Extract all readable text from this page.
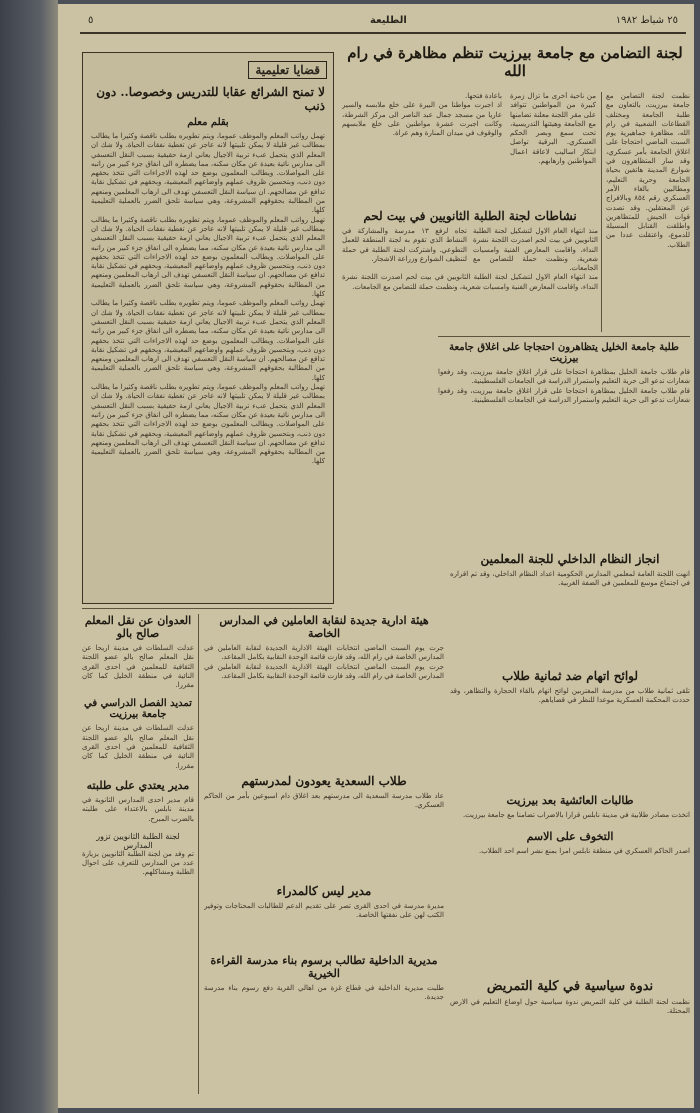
٥	الطليعة	٢٥ شباط ١٩٨٢
قضايا تعليمية
لا تمنح الشرائع عقابا للتدريس وخصوصا.. دون ذنب
بقلم معلم

تهمل رواتب المعلم والموظف عموما، ويتم تطويره بطلب ناقصة وكثيرا ما يطالب بمطالب غير قليلة لا يمكن تلبيتها لانه عاجز عن تغطية نفقات الحياة. ولا شك ان المعلم الذي يتحمل عبء تربية الاجيال يعاني ازمة حقيقية بسبب النقل التعسفي الى مدارس نائية بعيدة عن مكان سكنه، مما يضطره الى انفاق جزء كبير من راتبه على المواصلات. ويطالب المعلمون بوضع حد لهذه الاجراءات التي تتخذ بحقهم دون ذنب، وبتحسين ظروف عملهم واوضاعهم المعيشية، وبحقهم في تشكيل نقابة تدافع عن مصالحهم. ان سياسة النقل التعسفي تهدف الى ارهاب المعلمين ومنعهم من المطالبة بحقوقهم المشروعة، وهي سياسة تلحق الضرر بالعملية التعليمية كلها.

تهمل رواتب المعلم والموظف عموما، ويتم تطويره بطلب ناقصة وكثيرا ما يطالب بمطالب غير قليلة لا يمكن تلبيتها لانه عاجز عن تغطية نفقات الحياة. ولا شك ان المعلم الذي يتحمل عبء تربية الاجيال يعاني ازمة حقيقية بسبب النقل التعسفي الى مدارس نائية بعيدة عن مكان سكنه، مما يضطره الى انفاق جزء كبير من راتبه على المواصلات. ويطالب المعلمون بوضع حد لهذه الاجراءات التي تتخذ بحقهم دون ذنب، وبتحسين ظروف عملهم واوضاعهم المعيشية، وبحقهم في تشكيل نقابة تدافع عن مصالحهم. ان سياسة النقل التعسفي تهدف الى ارهاب المعلمين ومنعهم من المطالبة بحقوقهم المشروعة، وهي سياسة تلحق الضرر بالعملية التعليمية كلها.

تهمل رواتب المعلم والموظف عموما، ويتم تطويره بطلب ناقصة وكثيرا ما يطالب بمطالب غير قليلة لا يمكن تلبيتها لانه عاجز عن تغطية نفقات الحياة. ولا شك ان المعلم الذي يتحمل عبء تربية الاجيال يعاني ازمة حقيقية بسبب النقل التعسفي الى مدارس نائية بعيدة عن مكان سكنه، مما يضطره الى انفاق جزء كبير من راتبه على المواصلات. ويطالب المعلمون بوضع حد لهذه الاجراءات التي تتخذ بحقهم دون ذنب، وبتحسين ظروف عملهم واوضاعهم المعيشية، وبحقهم في تشكيل نقابة تدافع عن مصالحهم. ان سياسة النقل التعسفي تهدف الى ارهاب المعلمين ومنعهم من المطالبة بحقوقهم المشروعة، وهي سياسة تلحق الضرر بالعملية التعليمية كلها.

تهمل رواتب المعلم والموظف عموما، ويتم تطويره بطلب ناقصة وكثيرا ما يطالب بمطالب غير قليلة لا يمكن تلبيتها لانه عاجز عن تغطية نفقات الحياة. ولا شك ان المعلم الذي يتحمل عبء تربية الاجيال يعاني ازمة حقيقية بسبب النقل التعسفي الى مدارس نائية بعيدة عن مكان سكنه، مما يضطره الى انفاق جزء كبير من راتبه على المواصلات. ويطالب المعلمون بوضع حد لهذه الاجراءات التي تتخذ بحقهم دون ذنب، وبتحسين ظروف عملهم واوضاعهم المعيشية، وبحقهم في تشكيل نقابة تدافع عن مصالحهم. ان سياسة النقل التعسفي تهدف الى ارهاب المعلمين ومنعهم من المطالبة بحقوقهم المشروعة، وهي سياسة تلحق الضرر بالعملية التعليمية كلها.

لجنة التضامن مع جامعة بيرزيت تنظم مظاهرة في رام الله

نظمت لجنة التضامن مع جامعة بيرزيت، بالتعاون مع طلبة الجامعة ومختلف القطاعات الشعبية في رام الله، مظاهرة جماهيرية يوم السبت الماضي احتجاجا على اغلاق الجامعة بأمر عسكري، وقد سار المتظاهرون في شوارع المدينة هاتفين بحياة الجامعة وحرية التعليم، ومطالبين بالغاء الأمر العسكري رقم ٨٥٤ وبالافراج عن المعتقلين. وقد تصدت قوات الجيش للمتظاهرين واطلقت القنابل المسيلة للدموع، واعتقلت عددا من الطلاب.

من ناحية أخرى ما تزال زمرة كبيرة من المواطنين تتوافد على مقر اللجنة معلنة تضامنها مع الجامعة وهيئتها التدريسية، تحت سمع وبصر الحكم العسكري. البرقية تواصل ابتكار اساليب لاعاقة اعمال المواطنين وارهابهم.

باعادة فتحها.

اذ اجبرت مواطنا من البيرة على خلع ملابسه والسير عاريا من مسجد جمال عبد الناصر الى مركز الشرطة، وكانت اجبرت عشرة مواطنين على خلع ملابسهم والوقوف في ميدان المنارة وهم عراة.

نشاطات لجنة الطلبة الثانويين في بيت لحم

منذ انتهاء العام الاول لتشكيل لجنة الطلبة الثانويين في بيت لحم اصدرت اللجنة نشرة النداء، واقامت المعارض الفنية وامسيات شعرية، ونظمت حملة للتضامن مع الجامعات.

تجاه لرفع ١٣ مدرسة والمشاركة في النشاط الذي تقوم به لجنة المنطقة للعمل التطوعي. واشتركت لجنة الطلبة في حملة لتنظيف الشوارع وزراعة الاشجار.

منذ انتهاء العام الاول لتشكيل لجنة الطلبة الثانويين في بيت لحم اصدرت اللجنة نشرة النداء، واقامت المعارض الفنية وامسيات شعرية، ونظمت حملة للتضامن مع الجامعات.

طلبة جامعة الخليل يتظاهرون احتجاجا على اغلاق جامعة بيرزيت

قام طلاب جامعة الخليل بمظاهرة احتجاجا على قرار اغلاق جامعة بيرزيت، وقد رفعوا شعارات تدعو الى حرية التعليم واستمرار الدراسة في الجامعات الفلسطينية.

قام طلاب جامعة الخليل بمظاهرة احتجاجا على قرار اغلاق جامعة بيرزيت، وقد رفعوا شعارات تدعو الى حرية التعليم واستمرار الدراسة في الجامعات الفلسطينية.

العدوان عن نقل المعلم صالح بالو

عدلت السلطات في مدينة اريحا عن نقل المعلم صالح بالو عضو اللجنة الثقافية للمعلمين في احدى القرى النائية في منطقة الخليل كما كان مقررا.

تمديد الفصل الدراسي في جامعة بيرزيت

عدلت السلطات في مدينة اريحا عن نقل المعلم صالح بالو عضو اللجنة الثقافية للمعلمين في احدى القرى النائية في منطقة الخليل كما كان مقررا.

مدير يعتدي على طلبته

قام مدير احدى المدارس الثانوية في مدينة نابلس بالاعتداء على طلبته بالضرب المبرح.

لجنة الطلبة الثانويين تزور المدارس

تم وفد من لجنة الطلبة الثانويين بزيارة عدد من المدارس للتعرف على احوال الطلبة ومشاكلهم.

هيئة ادارية جديدة لنقابة العاملين في المدارس الخاصة

جرت يوم السبت الماضي انتخابات الهيئة الادارية الجديدة لنقابة العاملين في المدارس الخاصة في رام الله، وقد فازت قائمة الوحدة النقابية بكامل المقاعد.

جرت يوم السبت الماضي انتخابات الهيئة الادارية الجديدة لنقابة العاملين في المدارس الخاصة في رام الله، وقد فازت قائمة الوحدة النقابية بكامل المقاعد.

طلاب السعدية يعودون لمدرستهم

عاد طلاب مدرسة السعدية الى مدرستهم بعد اغلاق دام اسبوعين بأمر من الحاكم العسكري.

مدير ليس كالمدراء

مديرة مدرسة في احدى القرى تصر على تقديم الدعم للطالبات المحتاجات وتوفير الكتب لهن على نفقتها الخاصة.

مديرية الداخلية تطالب برسوم بناء مدرسة القراءة الخيرية

طلبت مديرية الداخلية في قطاع غزة من اهالي القرية دفع رسوم بناء مدرسة جديدة.

انجاز النظام الداخلي للجنة المعلمين

انهت اللجنة العامة لمعلمي المدارس الحكومية اعداد النظام الداخلي، وقد تم اقراره في اجتماع موسع للمعلمين في الضفة الغربية.

لوائح اتهام ضد ثمانية طلاب

تلقى ثمانية طلاب من مدرسة المغتربين لوائح اتهام بالقاء الحجارة والتظاهر، وقد حددت المحكمة العسكرية موعدا للنظر في قضاياهم.

طالبات العائشية بعد بيرزيت

اتخذت مصادر طلابية في مدينة نابلس قرارا بالاضراب تضامنا مع جامعة بيرزيت.

التخوف على الاسم

اصدر الحاكم العسكري في منطقة نابلس امرا بمنع نشر اسم احد الطلاب.

ندوة سياسية في كلية التمريض

نظمت لجنة الطلبة في كلية التمريض ندوة سياسية حول اوضاع التعليم في الارض المحتلة.
